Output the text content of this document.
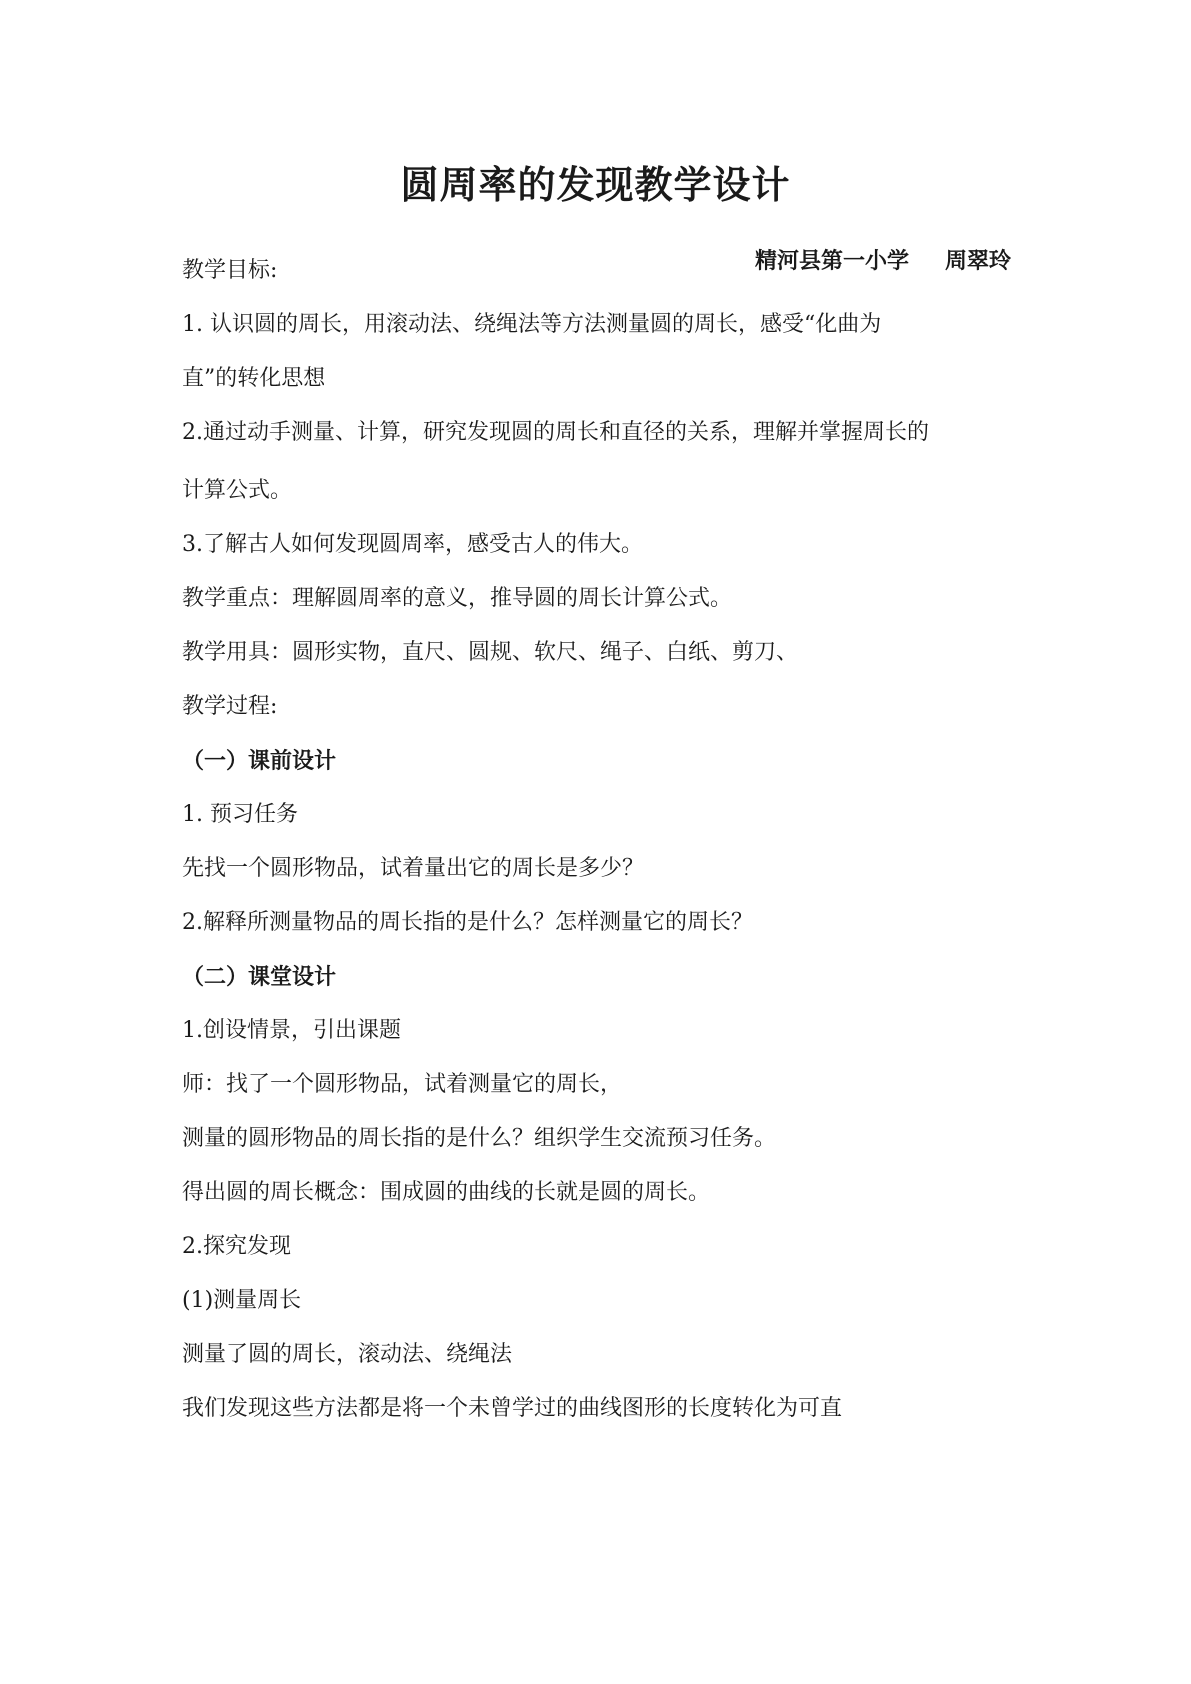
圆周率的发现教学设计
精河县第一小学 周翠玲

教学目标:

1. 认识圆的周长，用滚动法、绕绳法等方法测量圆的周长，感受“化曲为

直”的转化思想

2.通过动手测量、计算，研究发现圆的周长和直径的关系，理解并掌握周长的

计算公式。

3.了解古人如何发现圆周率，感受古人的伟大。

教学重点：理解圆周率的意义，推导圆的周长计算公式。

教学用具：圆形实物，直尺、圆规、软尺、绳子、白纸、剪刀、

教学过程:

（一）课前设计

1. 预习任务

先找一个圆形物品，试着量出它的周长是多少？

2.解释所测量物品的周长指的是什么？怎样测量它的周长？

（二）课堂设计

1.创设情景，引出课题

师：找了一个圆形物品，试着测量它的周长，

测量的圆形物品的周长指的是什么？组织学生交流预习任务。

得出圆的周长概念：围成圆的曲线的长就是圆的周长。

2.探究发现

(1)测量周长

测量了圆的周长，滚动法、绕绳法

我们发现这些方法都是将一个未曾学过的曲线图形的长度转化为可直
